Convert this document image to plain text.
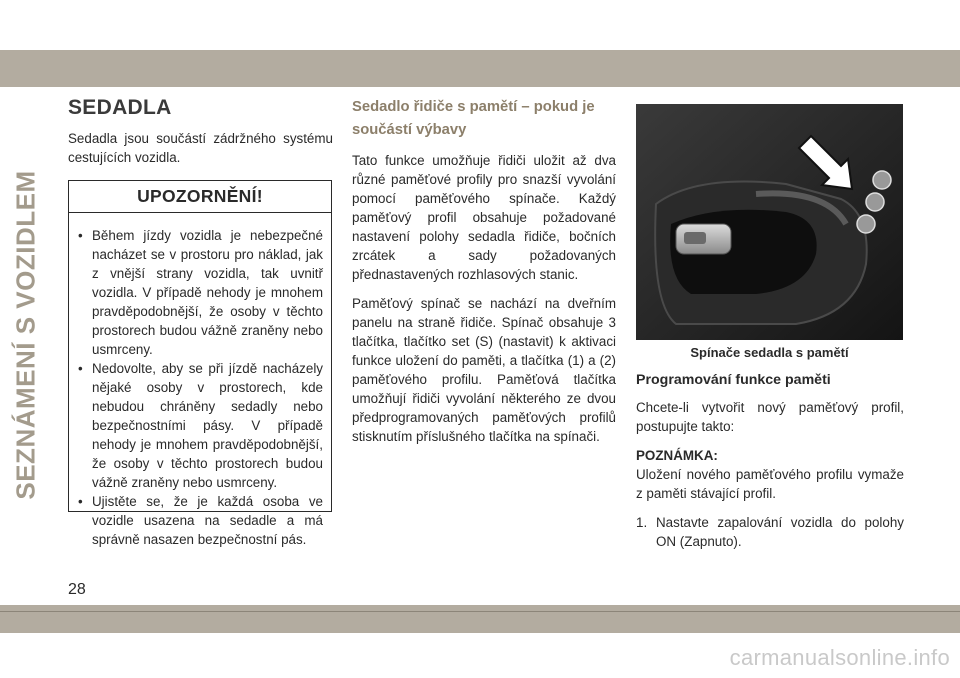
SEZNÁMENÍ S VOZIDLEM
SEDADLA

Sedadla jsou součástí zádržného systému cestujících vozidla.

UPOZORNĚNÍ!
• Během jízdy vozidla je nebezpečné nacházet se v prostoru pro náklad, jak z vnější strany vozidla, tak uvnitř vozidla. V případě nehody je mnohem pravděpodobnější, že osoby v těchto prostorech budou vážně zraněny nebo usmrceny.
• Nedovolte, aby se při jízdě nacházely nějaké osoby v prostorech, kde nebudou chráněny sedadly nebo bezpečnostními pásy. V případě nehody je mnohem pravděpodobnější, že osoby v těchto prostorech budou vážně zraněny nebo usmrceny.
• Ujistěte se, že je každá osoba ve vozidle usazena na sedadle a má správně nasazen bezpečnostní pás.
Sedadlo řidiče s pamětí – pokud je součástí výbavy

Tato funkce umožňuje řidiči uložit až dva různé paměťové profily pro snazší vyvolání pomocí paměťového spínače. Každý paměťový profil obsahuje požadované nastavení polohy sedadla řidiče, bočních zrcátek a sady požadovaných přednastavených rozhlasových stanic.

Paměťový spínač se nachází na dveřním panelu na straně řidiče. Spínač obsahuje 3 tlačítka, tlačítko set (S) (nastavit) k aktivaci funkce uložení do paměti, a tlačítka (1) a (2) paměťového profilu. Paměťová tlačítka umožňují řidiči vyvolání některého ze dvou předprogramovaných paměťových profilů stisknutím příslušného tlačítka na spínači.

Spínače sedadla s pamětí
Programování funkce paměti

Chcete-li vytvořit nový paměťový profil, postupujte takto:

POZNÁMKA:

Uložení nového paměťového profilu vymaže z paměti stávající profil.

1. Nastavte zapalování vozidla do polohy ON (Zapnuto).
28
carmanualsonline.info
